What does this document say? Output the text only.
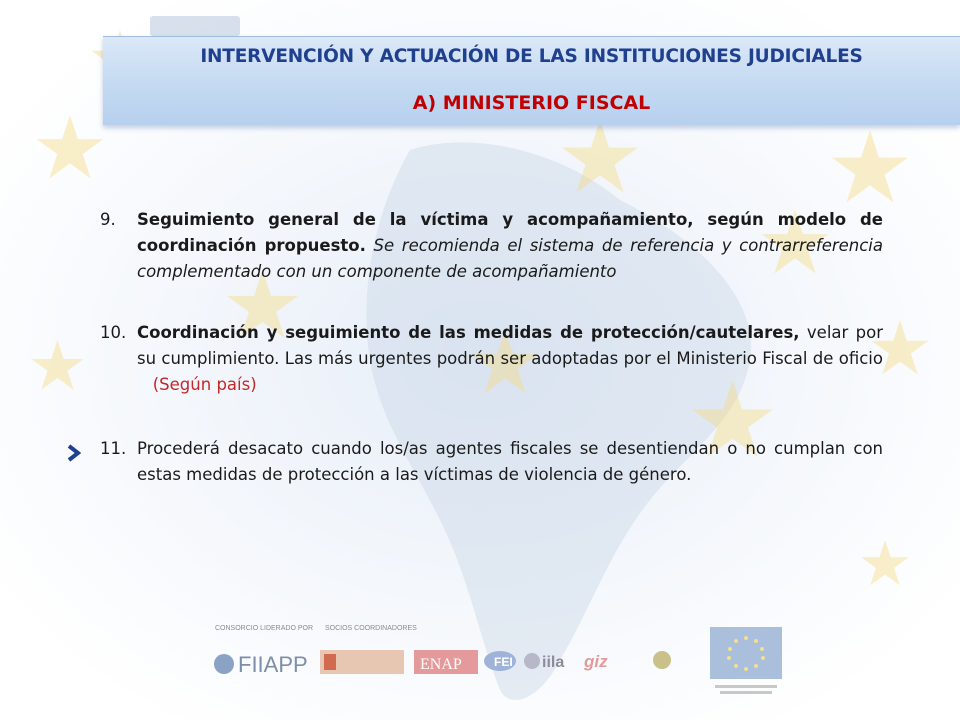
INTERVENCIÓN Y ACTUACIÓN DE LAS INSTITUCIONES JUDICIALES
A) MINISTERIO FISCAL
9.	Seguimiento general de la víctima y acompañamiento, según modelo de coordinación propuesto. Se recomienda el sistema de referencia y contrarreferencia complementado con un componente de acompañamiento
10. Coordinación y seguimiento de las medidas de protección/cautelares, velar por su cumplimiento. Las más urgentes podrán ser adoptadas por el Ministerio Fiscal de oficio    (Según país)
11. Procederá desacato cuando los/as agentes fiscales se desentiendan o no cumplan con estas medidas de protección a las víctimas de violencia de género.
CONSORCIO LIDERADO POR SOCIOS COORDINADORES
FIIAPP	ENAP	FEI iila giz
